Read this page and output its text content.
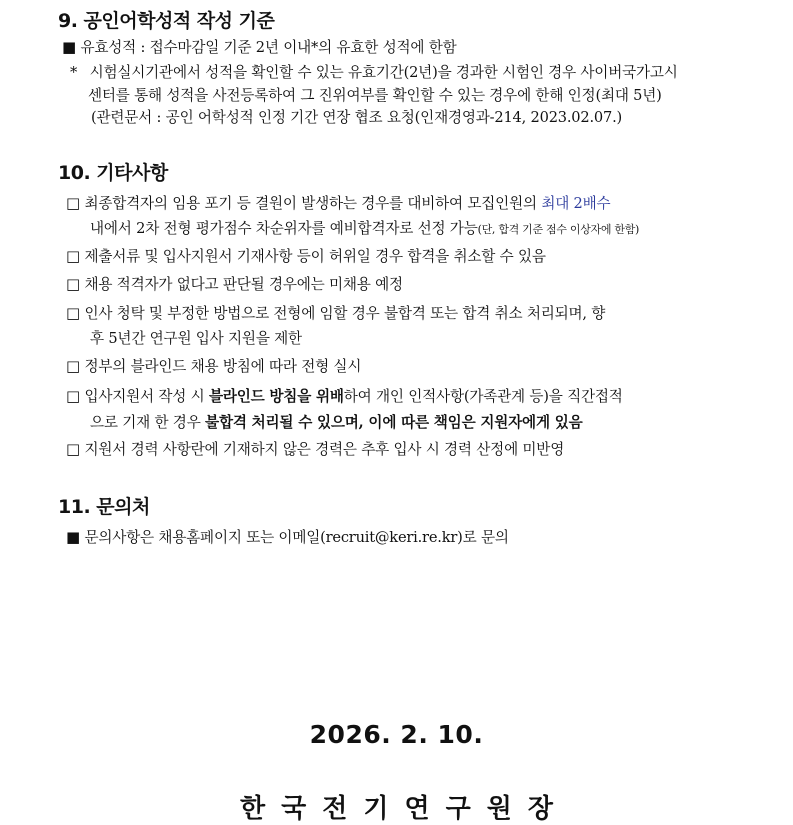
9. 공인어학성적 작성 기준
■ 유효성적 : 접수마감일 기준 2년 이내*의 유효한 성적에 한함
* 시험실시기관에서 성적을 확인할 수 있는 유효기간(2년)을 경과한 시험인 경우 사이버국가고시
센터를 통해 성적을 사전등록하여 그 진위여부를 확인할 수 있는 경우에 한해 인정(최대 5년)
(관련문서 : 공인 어학성적 인정 기간 연장 협조 요청(인재경영과-214, 2023.02.07.)
10. 기타사항
□ 최종합격자의 임용 포기 등 결원이 발생하는 경우를 대비하여 모집인원의 최대 2배수
내에서 2차 전형 평가점수 차순위자를 예비합격자로 선정 가능(단, 합격 기준 점수 이상자에 한함)
□ 제출서류 및 입사지원서 기재사항 등이 허위일 경우 합격을 취소할 수 있음
□ 채용 적격자가 없다고 판단될 경우에는 미채용 예정
□ 인사 청탁 및 부정한 방법으로 전형에 임할 경우 불합격 또는 합격 취소 처리되며, 향
후 5년간 연구원 입사 지원을 제한
□ 정부의 블라인드 채용 방침에 따라 전형 실시
□ 입사지원서 작성 시 블라인드 방침을 위배하여 개인 인적사항(가족관계 등)을 직간접적
으로 기재 한 경우 불합격 처리될 수 있으며, 이에 따른 책임은 지원자에게 있음
□ 지원서 경력 사항란에 기재하지 않은 경력은 추후 입사 시 경력 산정에 미반영
11. 문의처
■ 문의사항은 채용홈페이지 또는 이메일(recruit@keri.re.kr)로 문의
2026. 2. 10.
한국전기연구원장
